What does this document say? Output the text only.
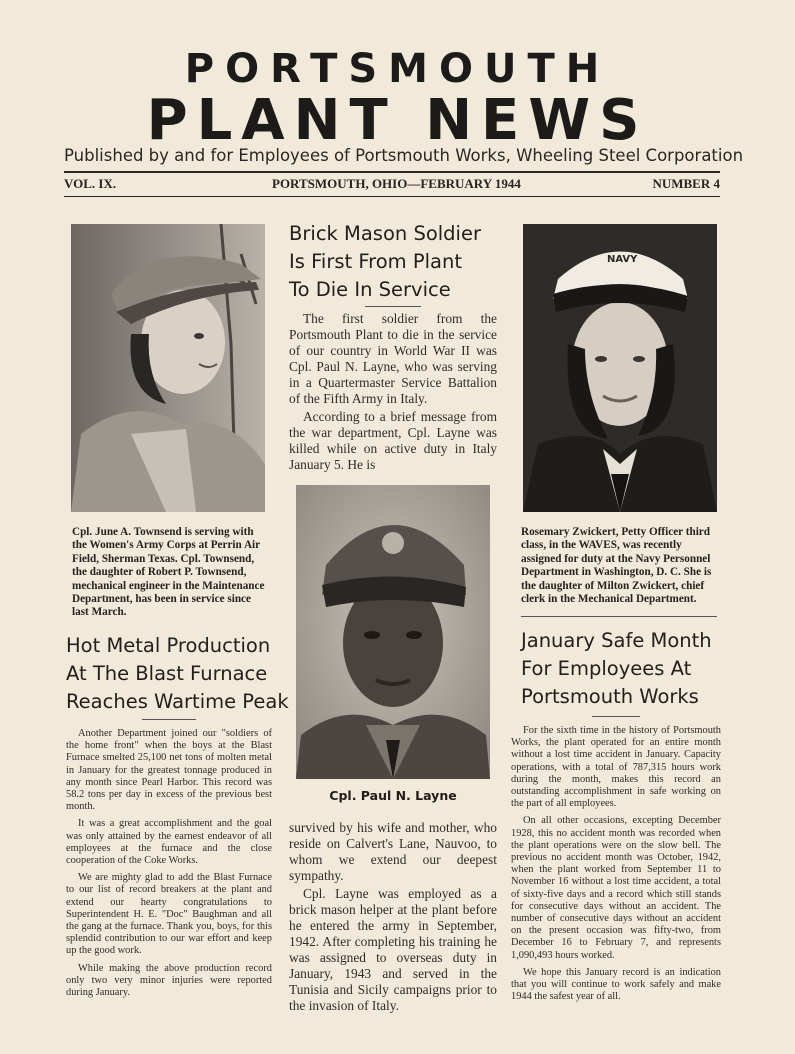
PORTSMOUTH
PLANT NEWS
Published by and for Employees of Portsmouth Works, Wheeling Steel Corporation
VOL. IX.	PORTSMOUTH, OHIO—FEBRUARY 1944	NUMBER 4
Cpl. June A. Townsend is serving with the Women's Army Corps at Perrin Air Field, Sherman Texas. Cpl. Townsend, the daughter of Robert P. Townsend, mechanical engineer in the Maintenance Department, has been in service since last March.
NAVY
Rosemary Zwickert, Petty Officer third class, in the WAVES, was recently assigned for duty at the Navy Personnel Department in Washington, D. C. She is the daughter of Milton Zwickert, chief clerk in the Mechanical Department.
Brick Mason Soldier
Is First From Plant
To Die In Service

The first soldier from the Portsmouth Plant to die in the service of our country in World War II was Cpl. Paul N. Layne, who was serving in a Quartermaster Service Battalion of the Fifth Army in Italy.

According to a brief message from the war department, Cpl. Layne was killed while on active duty in Italy January 5. He is

Cpl. Paul N. Layne

survived by his wife and mother, who reside on Calvert's Lane, Nauvoo, to whom we extend our deepest sympathy.

Cpl. Layne was employed as a brick mason helper at the plant before he entered the army in September, 1942. After completing his training he was assigned to overseas duty in January, 1943 and served in the Tunisia and Sicily campaigns prior to the invasion of Italy.

Hot Metal Production
At The Blast Furnace
Reaches Wartime Peak

Another Department joined our "soldiers of the home front" when the boys at the Blast Furnace smelted 25,100 net tons of molten metal in January for the greatest tonnage produced in any month since Pearl Harbor. This record was 58.2 tons per day in excess of the previous best month.

It was a great accomplishment and the goal was only attained by the earnest endeavor of all employees at the furnace and the close cooperation of the Coke Works.

We are mighty glad to add the Blast Furnace to our list of record breakers at the plant and extend our hearty congratulations to Superintendent H. E. "Doc" Baughman and all the gang at the furnace. Thank you, boys, for this splendid contribution to our war effort and keep up the good work.

While making the above production record only two very minor injuries were reported during January.

January Safe Month
For Employees At
Portsmouth Works

For the sixth time in the history of Portsmouth Works, the plant operated for an entire month without a lost time accident in January. Capacity operations, with a total of 787,315 hours work during the month, makes this record an outstanding accomplishment in safe working on the part of all employees.

On all other occasions, excepting December 1928, this no accident month was recorded when the plant operations were on the slow bell. The previous no accident month was October, 1942, when the plant worked from September 11 to November 16 without a lost time accident, a total of sixty-five days and a record which still stands for consecutive days without an accident. The number of consecutive days without an accident on the present occasion was fifty-two, from December 16 to February 7, and represents 1,090,493 hours worked.

We hope this January record is an indication that you will continue to work safely and make 1944 the safest year of all.
